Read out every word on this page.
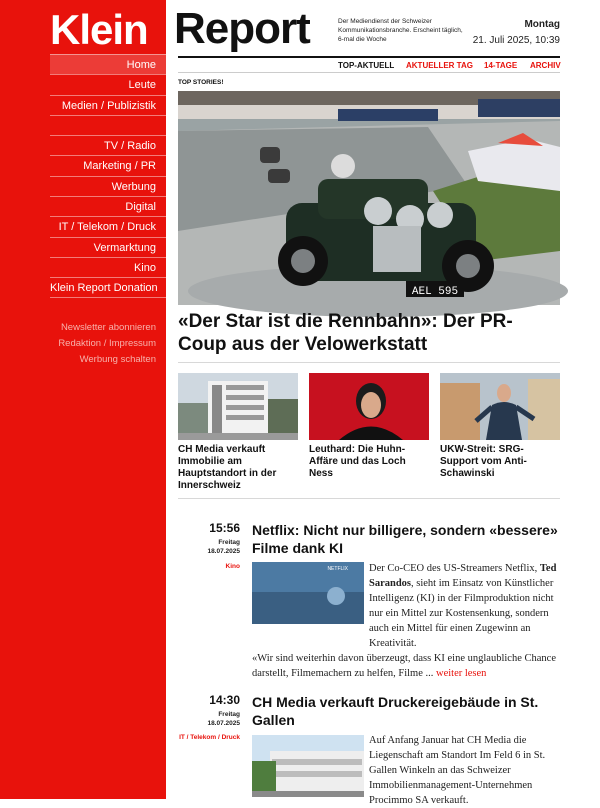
Klein
Home
Leute
Medien / Publizistik
TV / Radio
Marketing / PR
Werbung
Digital
IT / Telekom / Druck
Vermarktung
Kino
Klein Report Donation
Newsletter abonnieren
Redaktion / Impressum
Werbung schalten
Report	Der Mediendienst der Schweizer Kommunikationsbranche. Erscheint täglich, 6-mal die Woche
Montag
21. Juli 2025, 10:39
TOP-AKTUELL AKTUELLER TAG 14-TAGE ARCHIV
TOP STORIES!
AEL 595
«Der Star ist die Rennbahn»: Der PR-Coup aus der Velowerkstatt
CH Media verkauft Immobilie am Hauptstandort in der Innerschweiz
Leuthard: Die Huhn-Affäre und das Loch Ness
UKW-Streit: SRG-Support vom Anti-Schawinski
15:56
Freitag
18.07.2025
Kino
Netflix: Nicht nur billigere, sondern «bessere» Filme dank KI
NETFLIX Der Co-CEO des US-Streamers Netflix, Ted Sarandos, sieht im Einsatz von Künstlicher Intelligenz (KI) in der Filmproduktion nicht nur ein Mittel zur Kostensenkung, sondern auch ein Mittel für einen Zugewinn an Kreativität.
«Wir sind weiterhin davon überzeugt, dass KI eine unglaubliche Chance darstellt, Filmemachern zu helfen, Filme ... weiter lesen
14:30
Freitag
18.07.2025
IT / Telekom / Druck
CH Media verkauft Druckereigebäude in St. Gallen
Auf Anfang Januar hat CH Media die Liegenschaft am Standort Im Feld 6 in St. Gallen Winkeln an das Schweizer Immobilienmanagement-Unternehmen Procimmo SA verkauft.
